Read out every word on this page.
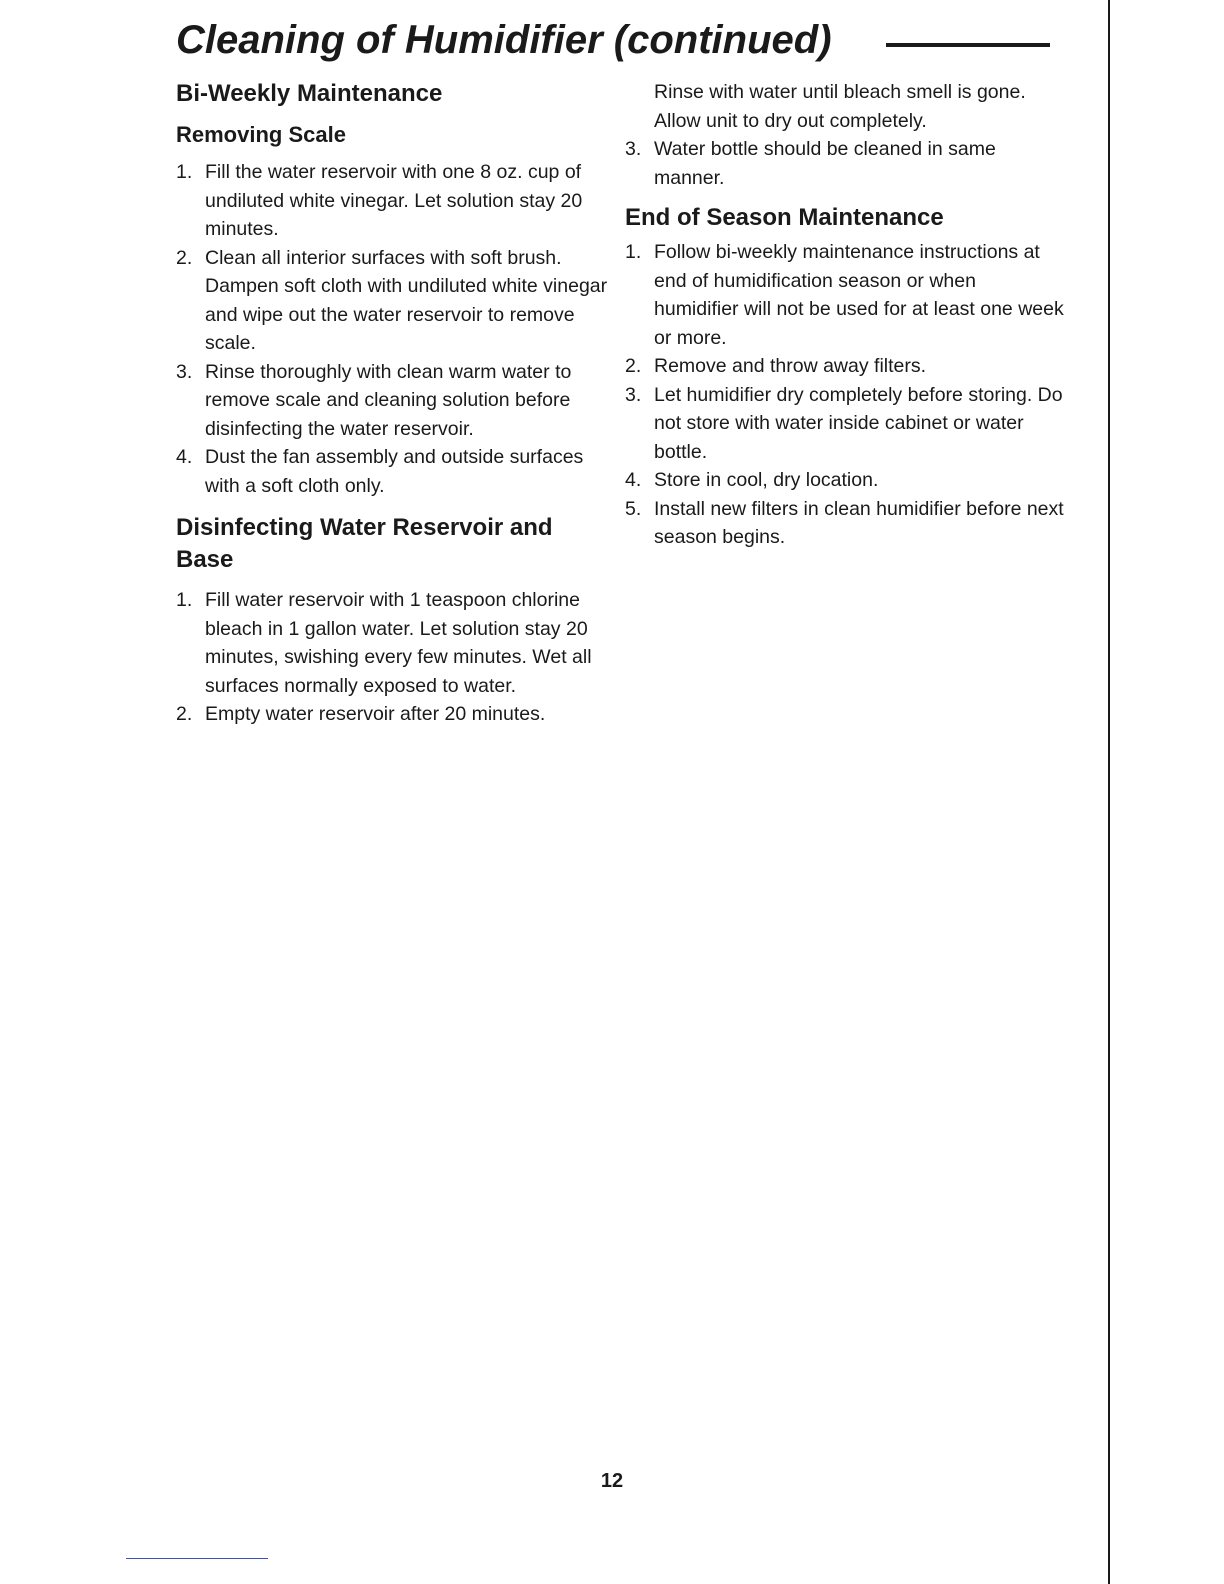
Cleaning of Humidifier (continued)
Bi-Weekly Maintenance
Removing Scale
1. Fill the water reservoir with one 8 oz. cup of undiluted white vinegar. Let solution stay 20 minutes.
2. Clean all interior surfaces with soft brush. Dampen soft cloth with undiluted white vinegar and wipe out the water reservoir to remove scale.
3. Rinse thoroughly with clean warm water to remove scale and cleaning solution before disinfecting the water reservoir.
4. Dust the fan assembly and outside surfaces with a soft cloth only.
Disinfecting Water Reservoir and Base
1. Fill water reservoir with 1 teaspoon chlorine bleach in 1 gallon water. Let solution stay 20 minutes, swishing every few minutes. Wet all surfaces normally exposed to water.
2. Empty water reservoir after 20 minutes.
Rinse with water until bleach smell is gone. Allow unit to dry out completely.
3. Water bottle should be cleaned in same manner.
End of Season Maintenance
1. Follow bi-weekly maintenance instructions at end of humidification season or when humidifier will not be used for at least one week or more.
2. Remove and throw away filters.
3. Let humidifier dry completely before storing. Do not store with water inside cabinet or water bottle.
4. Store in cool, dry location.
5. Install new filters in clean humidifier before next season begins.
12
